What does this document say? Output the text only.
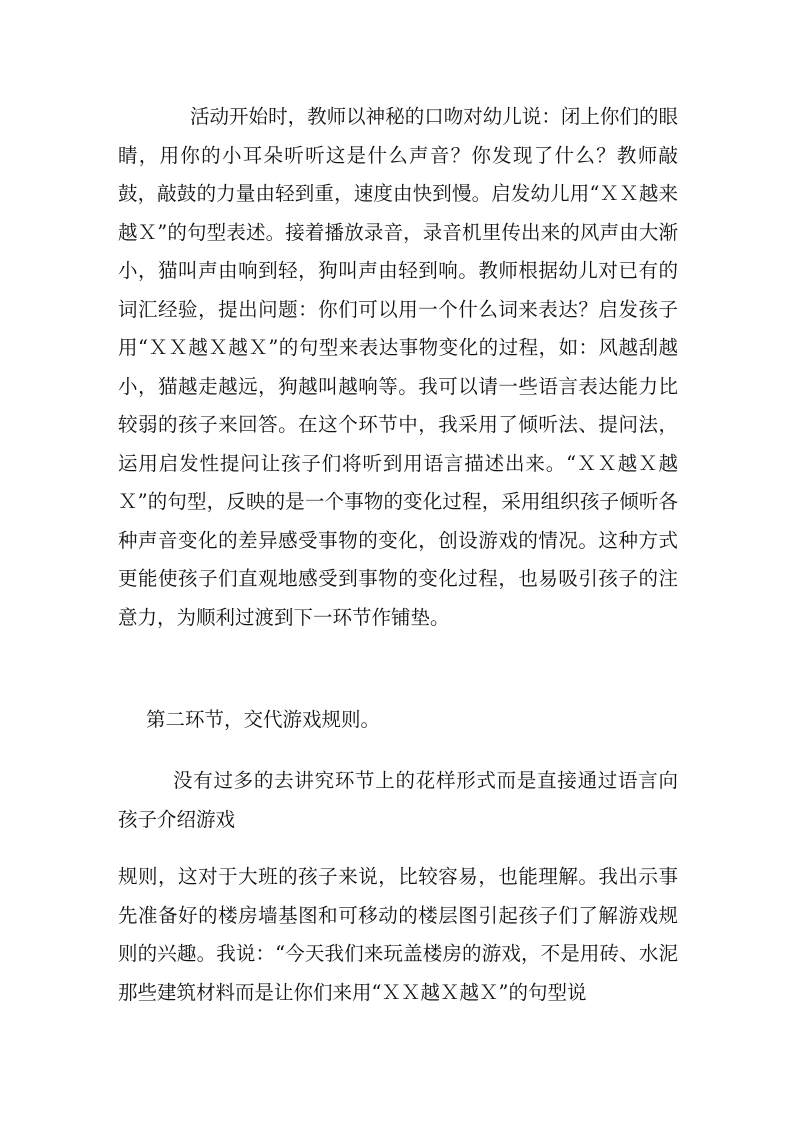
活动开始时，教师以神秘的口吻对幼儿说：闭上你们的眼睛，用你的小耳朵听听这是什么声音？你发现了什么？教师敲鼓，敲鼓的力量由轻到重，速度由快到慢。启发幼儿用“ＸＸ越来越Ｘ”的句型表述。接着播放录音，录音机里传出来的风声由大渐小，猫叫声由响到轻，狗叫声由轻到响。教师根据幼儿对已有的词汇经验，提出问题：你们可以用一个什么词来表达？启发孩子用“ＸＸ越Ｘ越Ｘ”的句型来表达事物变化的过程，如：风越刮越小，猫越走越远，狗越叫越响等。我可以请一些语言表达能力比较弱的孩子来回答。在这个环节中，我采用了倾听法、提问法，运用启发性提问让孩子们将听到用语言描述出来。“ＸＸ越Ｘ越Ｘ”的句型，反映的是一个事物的变化过程，采用组织孩子倾听各种声音变化的差异感受事物的变化，创设游戏的情况。这种方式更能使孩子们直观地感受到事物的变化过程，也易吸引孩子的注意力，为顺利过渡到下一环节作铺垫。

第二环节，交代游戏规则。

没有过多的去讲究环节上的花样形式而是直接通过语言向孩子介绍游戏

规则，这对于大班的孩子来说，比较容易，也能理解。我出示事先准备好的楼房墙基图和可移动的楼层图引起孩子们了解游戏规则的兴趣。我说：“今天我们来玩盖楼房的游戏，不是用砖、水泥那些建筑材料而是让你们来用“ＸＸ越Ｘ越Ｘ”的句型说
